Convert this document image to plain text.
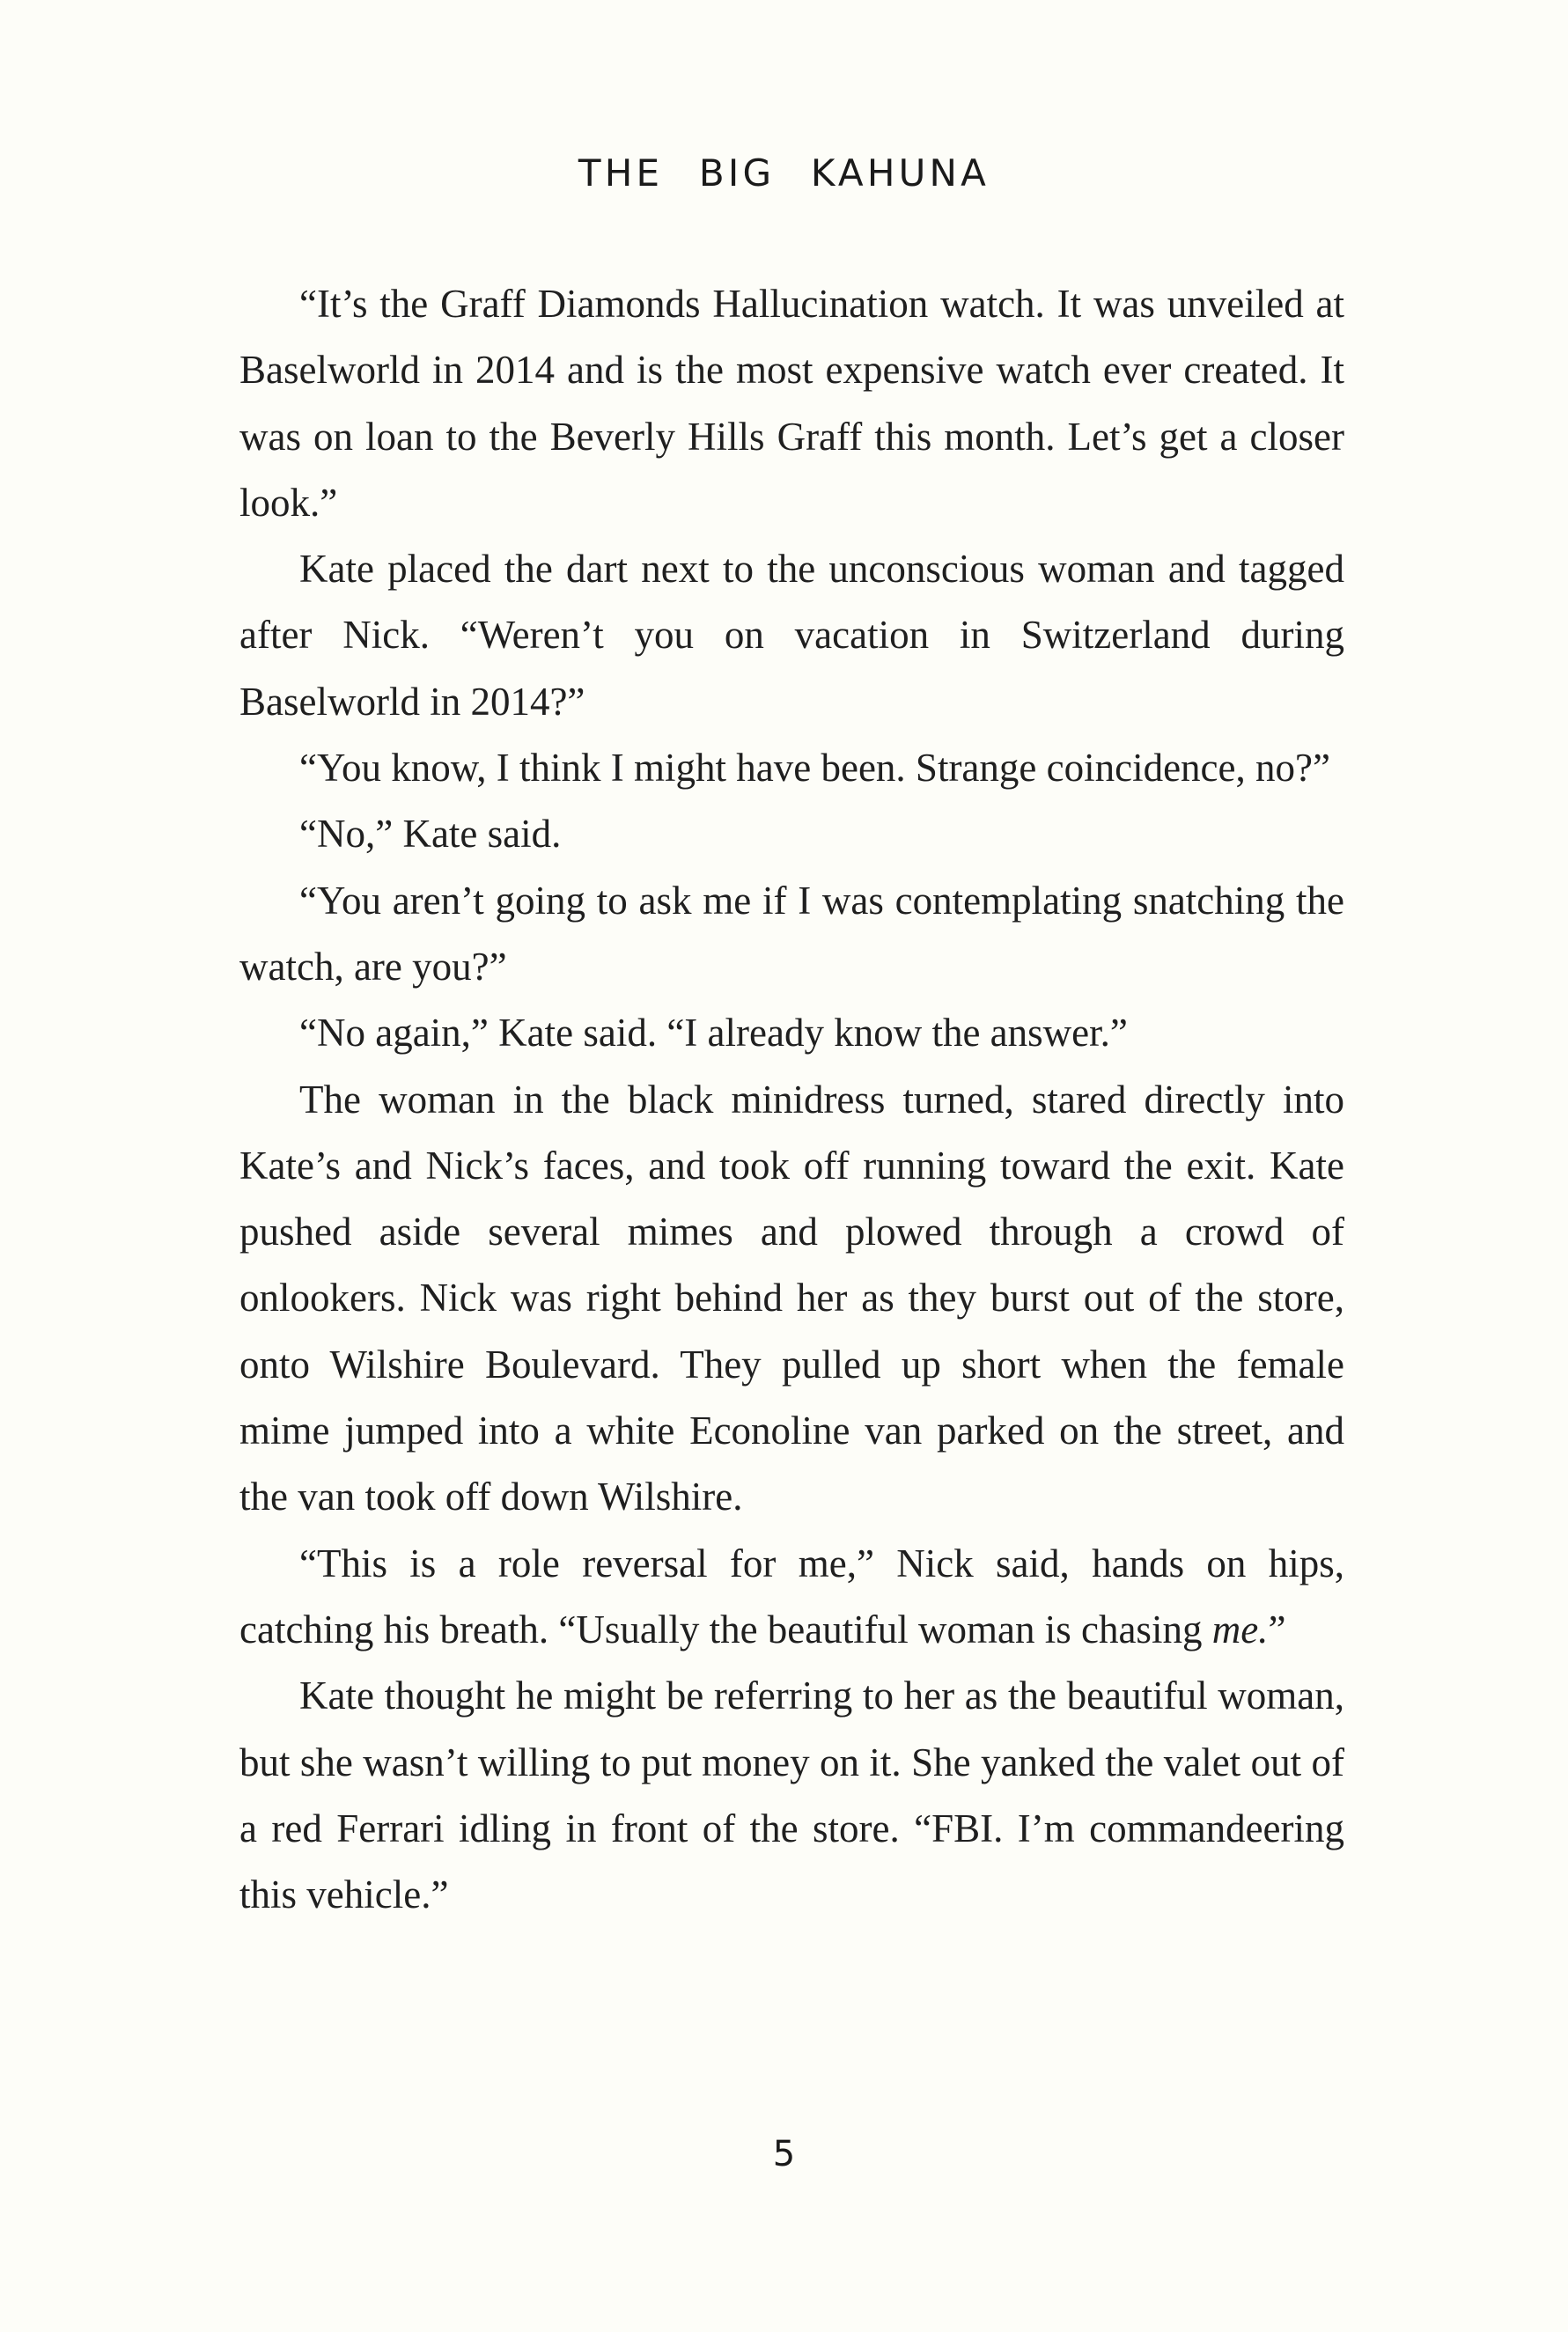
THE BIG KAHUNA

“It’s the Graff Diamonds Hallucination watch. It was unveiled at Baselworld in 2014 and is the most expensive watch ever created. It was on loan to the Beverly Hills Graff this month. Let’s get a closer look.”

Kate placed the dart next to the unconscious woman and tagged after Nick. “Weren’t you on vacation in Switzerland during Baselworld in 2014?”

“You know, I think I might have been. Strange coincidence, no?”

“No,” Kate said.

“You aren’t going to ask me if I was contemplating snatching the watch, are you?”

“No again,” Kate said. “I already know the answer.”

The woman in the black minidress turned, stared directly into Kate’s and Nick’s faces, and took off running toward the exit. Kate pushed aside several mimes and plowed through a crowd of onlookers. Nick was right behind her as they burst out of the store, onto Wilshire Boulevard. They pulled up short when the female mime jumped into a white Econoline van parked on the street, and the van took off down Wilshire.

“This is a role reversal for me,” Nick said, hands on hips, catching his breath. “Usually the beautiful woman is chasing me.”

Kate thought he might be referring to her as the beautiful woman, but she wasn’t willing to put money on it. She yanked the valet out of a red Ferrari idling in front of the store. “FBI. I’m commandeering this vehicle.”

5
